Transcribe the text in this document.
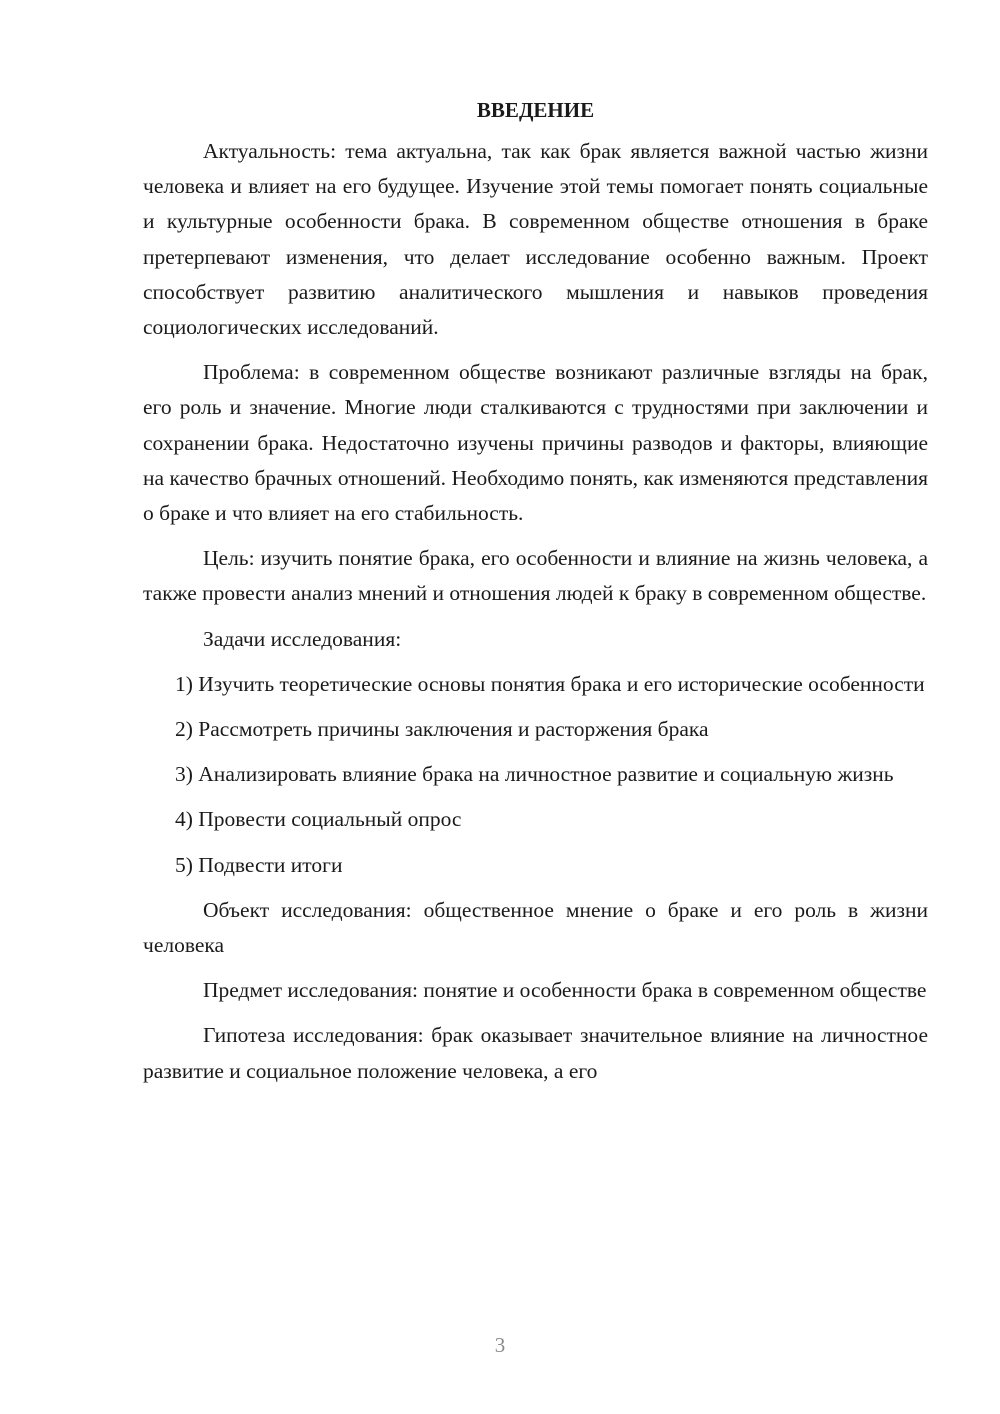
ВВЕДЕНИЕ

Актуальность: тема актуальна, так как брак является важной частью жизни человека и влияет на его будущее. Изучение этой темы помогает понять социальные и культурные особенности брака. В современном обществе отношения в браке претерпевают изменения, что делает исследование особенно важным. Проект способствует развитию аналитического мышления и навыков проведения социологических исследований.

Проблема: в современном обществе возникают различные взгляды на брак, его роль и значение. Многие люди сталкиваются с трудностями при заключении и сохранении брака. Недостаточно изучены причины разводов и факторы, влияющие на качество брачных отношений. Необходимо понять, как изменяются представления о браке и что влияет на его стабильность.

Цель: изучить понятие брака, его особенности и влияние на жизнь человека, а также провести анализ мнений и отношения людей к браку в современном обществе.

Задачи исследования:

1) Изучить теоретические основы понятия брака и его исторические особенности

2) Рассмотреть причины заключения и расторжения брака

3) Анализировать влияние брака на личностное развитие и социальную жизнь

4) Провести социальный опрос

5) Подвести итоги

Объект исследования: общественное мнение о браке и его роль в жизни человека

Предмет исследования: понятие и особенности брака в современном обществе

Гипотеза исследования: брак оказывает значительное влияние на личностное развитие и социальное положение человека, а его

3
